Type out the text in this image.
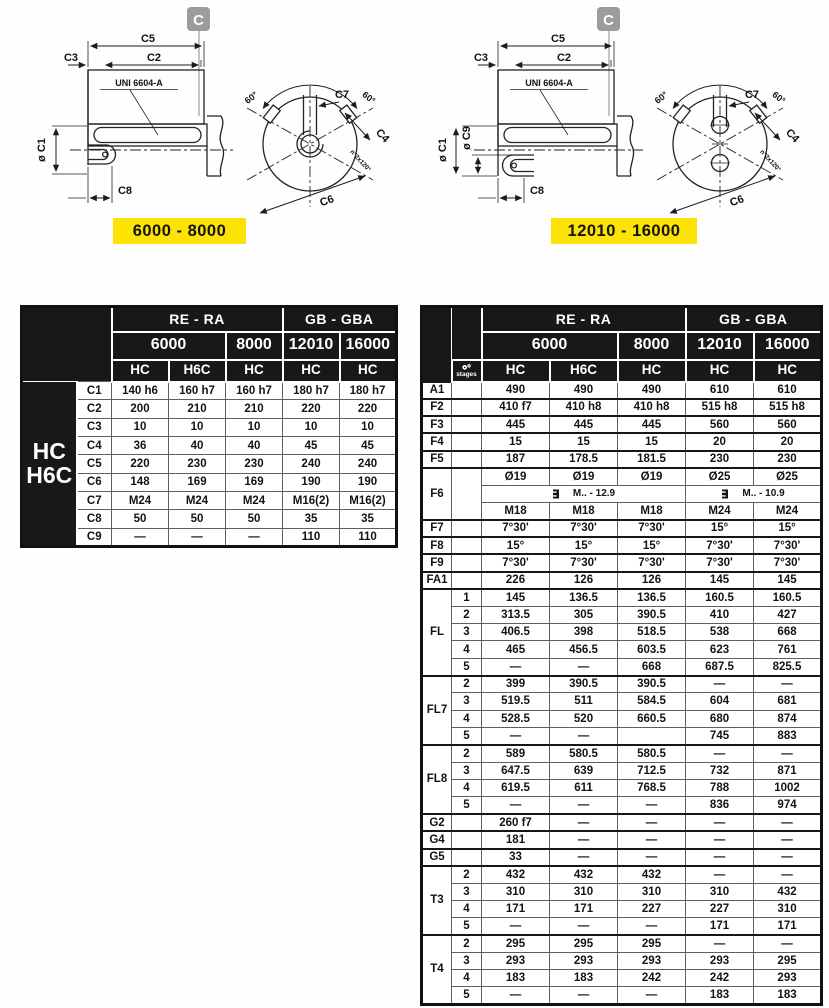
C
C5
C2
C3
UNI 6604-A
ø C1
C8
60°	60°
C7
C4
n°2x120°
C6
C
C5
C2
C3
UNI 6604-A
ø C1
ø C9
C8
60°	60°
C7
C4
n°2x120°
C6
6000 - 8000	12010 - 16000
		RE - RA			GB - GBA	
		6000		8000	12010	16000
		HC	H6C	HC	HC	HC

HC
H6C	C1	140 h6	160 h7	160 h7	180 h7	180 h7
	C2	200	210	210	220	220
	C3	10	10	10	10	10
	C4	36	40	40	45	45
	C5	220	230	230	240	240
	C6	148	169	169	190	190
	C7	M24	M24	M24	M16(2)	M16(2)
	C8	50	50	50	35	35
	C9	—	—	—	110	110
		RE - RA			GB - GBA	
		6000		8000	12010	16000

	stages	HC	H6C	HC	HC	HC
A1		490	490	490	610	610
F2		410 f7	410 h8	410 h8	515 h8	515 h8
F3		445	445	445	560	560
F4		15	15	15	20	20
F5		187	178.5	181.5	230	230
F6		Ø19	Ø19	Ø19	Ø25	Ø25
		M.. - 12.9			M.. - 10.9	
		M18	M18	M18	M24	M24
F7		7°30'	7°30'	7°30'	15°	15°
F8		15°	15°	15°	7°30'	7°30'
F9		7°30'	7°30'	7°30'	7°30'	7°30'
FA1		226	126	126	145	145
FL	1	145	136.5	136.5	160.5	160.5
	2	313.5	305	390.5	410	427
	3	406.5	398	518.5	538	668
	4	465	456.5	603.5	623	761
	5	—	—	668	687.5	825.5
FL7	2	399	390.5	390.5	—	—
	3	519.5	511	584.5	604	681
	4	528.5	520	660.5	680	874
	5	—	—		745	883
FL8	2	589	580.5	580.5	—	—
	3	647.5	639	712.5	732	871
	4	619.5	611	768.5	788	1002
	5	—	—	—	836	974
G2		260 f7	—	—	—	—
G4		181	—	—	—	—
G5		33	—	—	—	—
T3	2	432	432	432	—	—
	3	310	310	310	310	432
	4	171	171	227	227	310
	5	—	—	—	171	171
T4	2	295	295	295	—	—
	3	293	293	293	293	295
	4	183	183	242	242	293
	5	—	—	—	183	183
